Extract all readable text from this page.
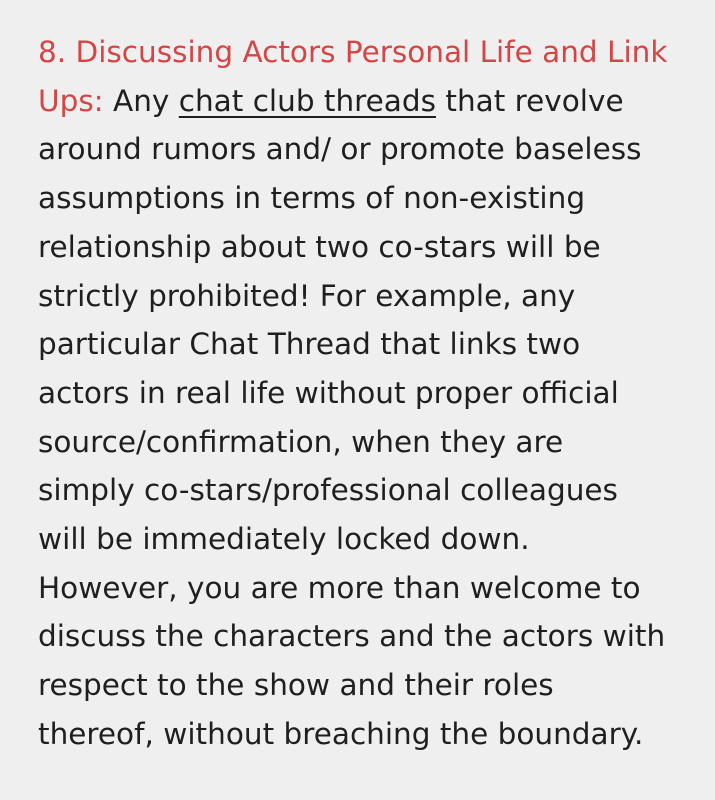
8. Discussing Actors Personal Life and Link
Ups: Any chat club threads that revolve
around rumors and/ or promote baseless
assumptions in terms of non-existing
relationship about two co-stars will be
strictly prohibited! For example, any
particular Chat Thread that links two
actors in real life without proper official
source/confirmation, when they are
simply co-stars/professional colleagues
will be immediately locked down.
However, you are more than welcome to
discuss the characters and the actors with
respect to the show and their roles
thereof, without breaching the boundary.
